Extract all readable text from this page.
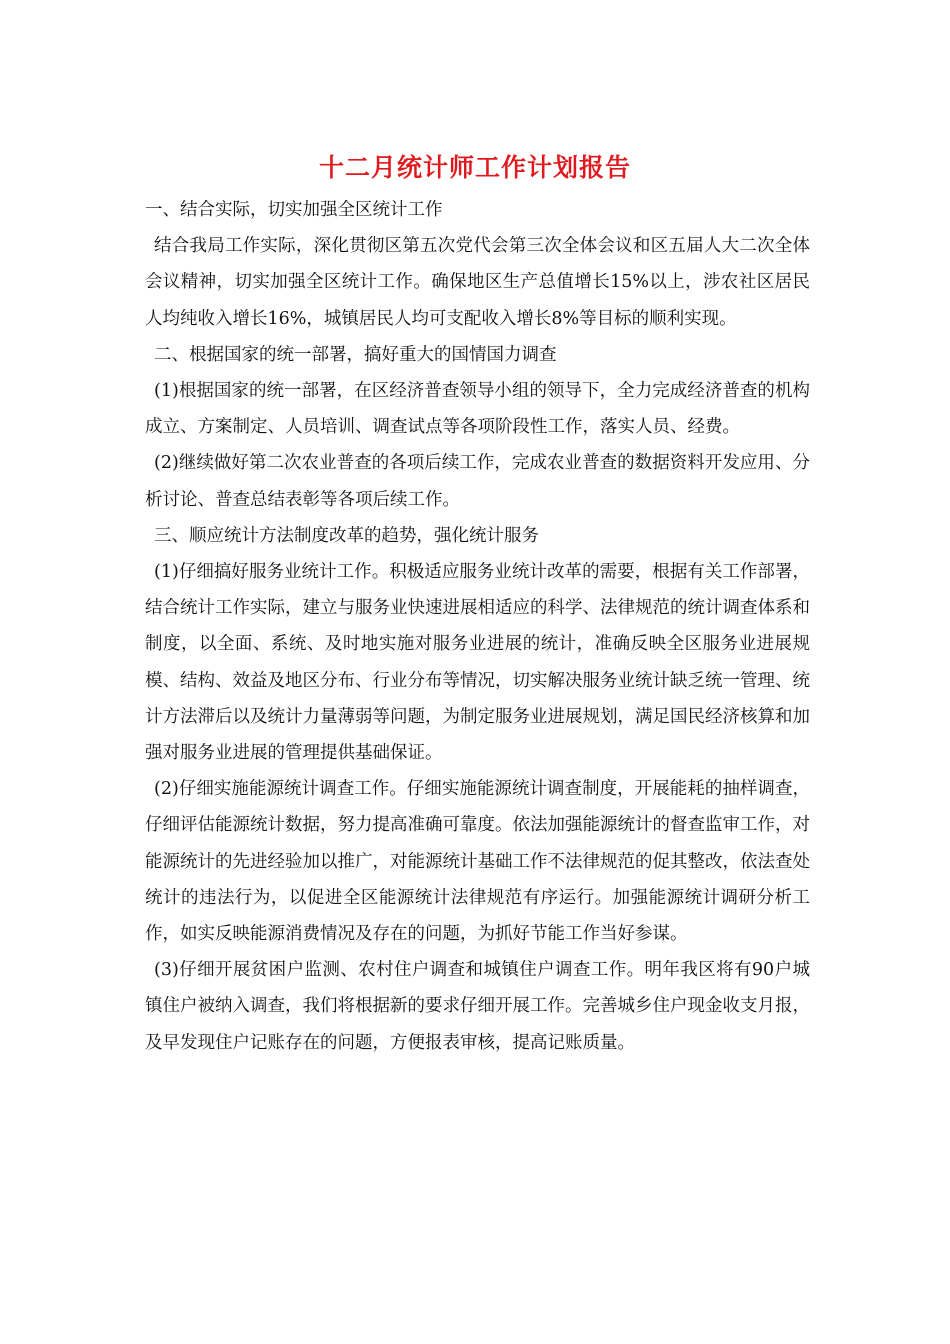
十二月统计师工作计划报告

一、结合实际，切实加强全区统计工作

结合我局工作实际，深化贯彻区第五次党代会第三次全体会议和区五届人大二次全体会议精神，切实加强全区统计工作。确保地区生产总值增长15%以上，涉农社区居民人均纯收入增长16%，城镇居民人均可支配收入增长8%等目标的顺利实现。

二、根据国家的统一部署，搞好重大的国情国力调查

(1)根据国家的统一部署，在区经济普查领导小组的领导下，全力完成经济普查的机构成立、方案制定、人员培训、调查试点等各项阶段性工作，落实人员、经费。

(2)继续做好第二次农业普查的各项后续工作，完成农业普查的数据资料开发应用、分析讨论、普查总结表彰等各项后续工作。

三、顺应统计方法制度改革的趋势，强化统计服务

(1)仔细搞好服务业统计工作。积极适应服务业统计改革的需要，根据有关工作部署，结合统计工作实际，建立与服务业快速进展相适应的科学、法律规范的统计调查体系和制度，以全面、系统、及时地实施对服务业进展的统计，准确反映全区服务业进展规模、结构、效益及地区分布、行业分布等情况，切实解决服务业统计缺乏统一管理、统计方法滞后以及统计力量薄弱等问题，为制定服务业进展规划，满足国民经济核算和加强对服务业进展的管理提供基础保证。

(2)仔细实施能源统计调查工作。仔细实施能源统计调查制度，开展能耗的抽样调查，仔细评估能源统计数据，努力提高准确可靠度。依法加强能源统计的督查监审工作，对能源统计的先进经验加以推广，对能源统计基础工作不法律规范的促其整改，依法查处统计的违法行为，以促进全区能源统计法律规范有序运行。加强能源统计调研分析工作，如实反映能源消费情况及存在的问题，为抓好节能工作当好参谋。

(3)仔细开展贫困户监测、农村住户调查和城镇住户调查工作。明年我区将有90户城镇住户被纳入调查，我们将根据新的要求仔细开展工作。完善城乡住户现金收支月报，及早发现住户记账存在的问题，方便报表审核，提高记账质量。
